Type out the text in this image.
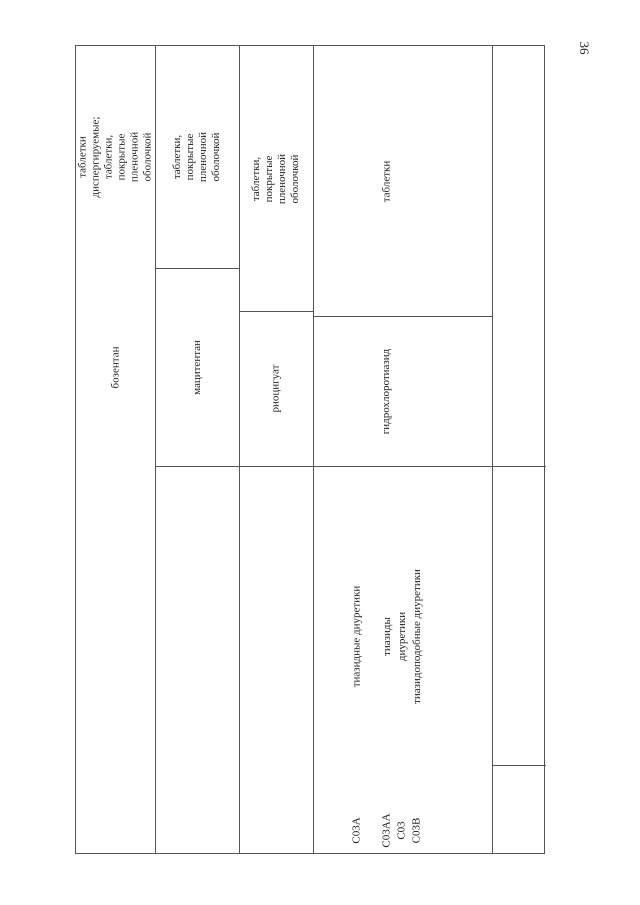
36
таблетки диспергируемые;
таблетки, покрытые пленочной оболочкой
бозентан
таблетки, покрытые пленочной оболочкой
мацитентан
таблетки, покрытые пленочной оболочкой
риоцигуат
C03
диуретики
C03A
тиазидные диуретики
C03AA
тиазиды
гидрохлоротиазид
таблетки
C03B
тиазидоподобные диуретики
